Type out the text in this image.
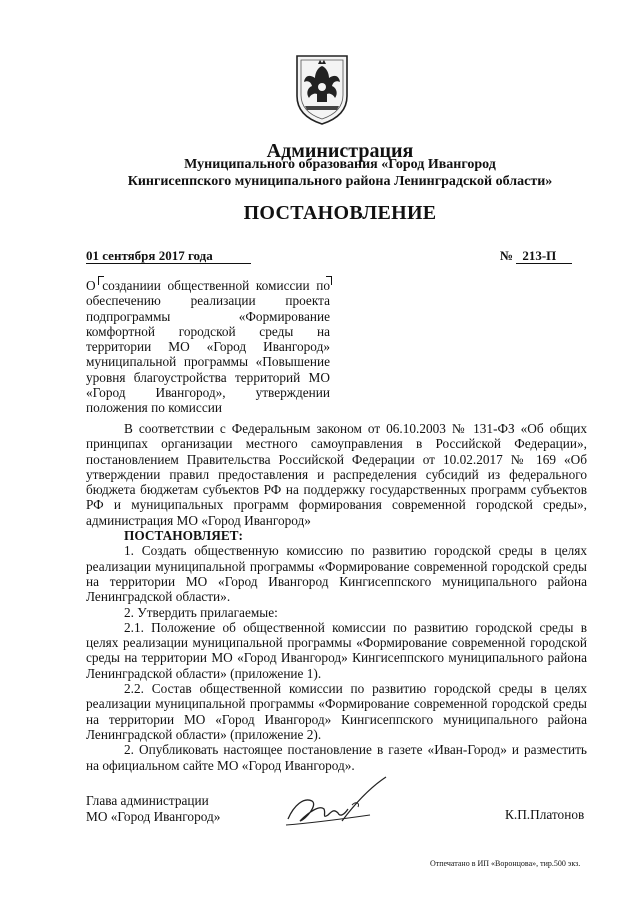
Администрация
Муниципального образования «Город Ивангород
Кингисеппского муниципального района Ленинградской области»
ПОСТАНОВЛЕНИЕ
01 сентября 2017 года	№ 213-П
О созданиии общественной комиссии по обеспечению реализации проекта подпрограммы «Формирование комфортной городской среды на территории МО «Город Ивангород» муниципальной программы «Повышение уровня благоустройства территорий МО «Город Ивангород», утверждении положения по комиссии

В соответствии с Федеральным законом от 06.10.2003 № 131-ФЗ «Об общих принципах организации местного самоуправления в Российской Федерации», постановлением Правительства Российской Федерации от 10.02.2017 № 169 «Об утверждении правил предоставления и распределения субсидий из федерального бюджета бюджетам субъектов РФ на поддержку государственных программ субъектов РФ и муниципальных программ формирования современной городской среды», администрация МО «Город Ивангород»

ПОСТАНОВЛЯЕТ:

1. Создать общественную комиссию по развитию городской среды в целях реализации муниципальной программы «Формирование современной городской среды на территории МО «Город Ивангород Кингисеппского муниципального района Ленинградской области».

2. Утвердить прилагаемые:

2.1. Положение об общественной комиссии по развитию городской среды в целях реализации муниципальной программы «Формирование современной городской среды на территории МО «Город Ивангород» Кингисеппского муниципального района Ленинградской области» (приложение 1).

2.2. Состав общественной комиссии по развитию городской среды в целях реализации муниципальной программы «Формирование современной городской среды на территории МО «Город Ивангород» Кингисеппского муниципального района Ленинградской области» (приложение 2).

2. Опубликовать настоящее постановление в газете «Иван-Город» и разместить на официальном сайте МО «Город Ивангород».

Глава администрации
МО «Город Ивангород»	К.П.Платонов
Отпечатано в ИП «Воронцова», тир.500 экз.
